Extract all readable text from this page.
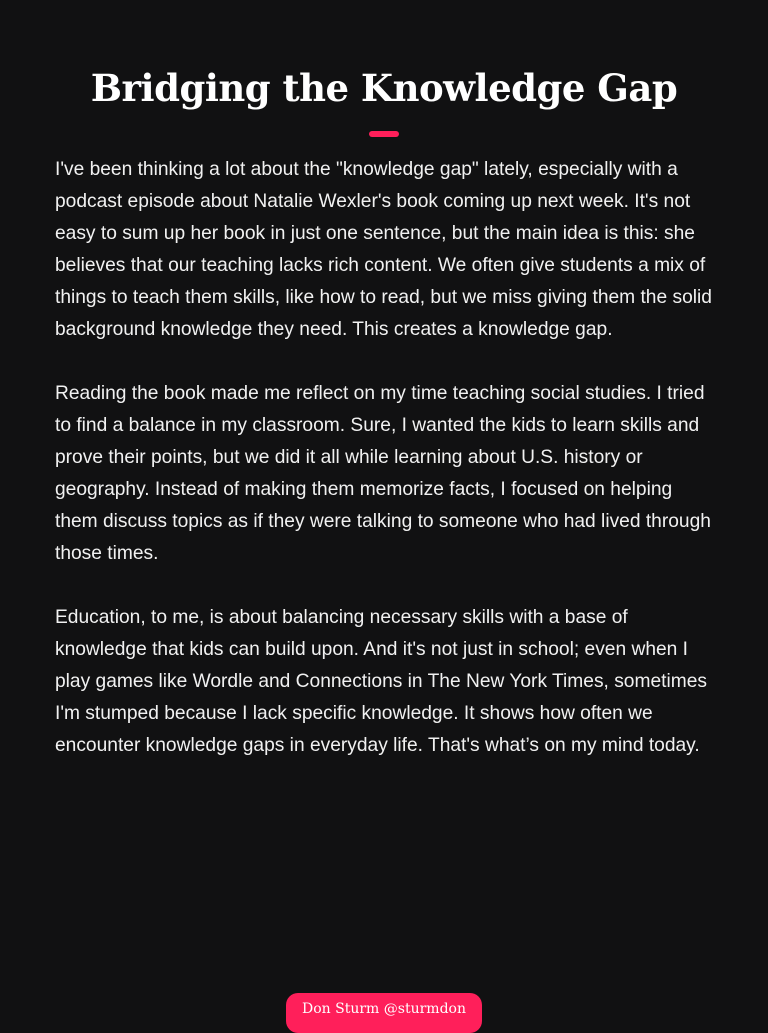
Bridging the Knowledge Gap

I've been thinking a lot about the "knowledge gap" lately, especially with a podcast episode about Natalie Wexler's book coming up next week. It's not easy to sum up her book in just one sentence, but the main idea is this: she believes that our teaching lacks rich content. We often give students a mix of things to teach them skills, like how to read, but we miss giving them the solid background knowledge they need. This creates a knowledge gap.

Reading the book made me reflect on my time teaching social studies. I tried to find a balance in my classroom. Sure, I wanted the kids to learn skills and prove their points, but we did it all while learning about U.S. history or geography. Instead of making them memorize facts, I focused on helping them discuss topics as if they were talking to someone who had lived through those times.

Education, to me, is about balancing necessary skills with a base of knowledge that kids can build upon. And it's not just in school; even when I play games like Wordle and Connections in The New York Times, sometimes I'm stumped because I lack specific knowledge. It shows how often we encounter knowledge gaps in everyday life. That's what’s on my mind today.

Don Sturm @sturmdon
